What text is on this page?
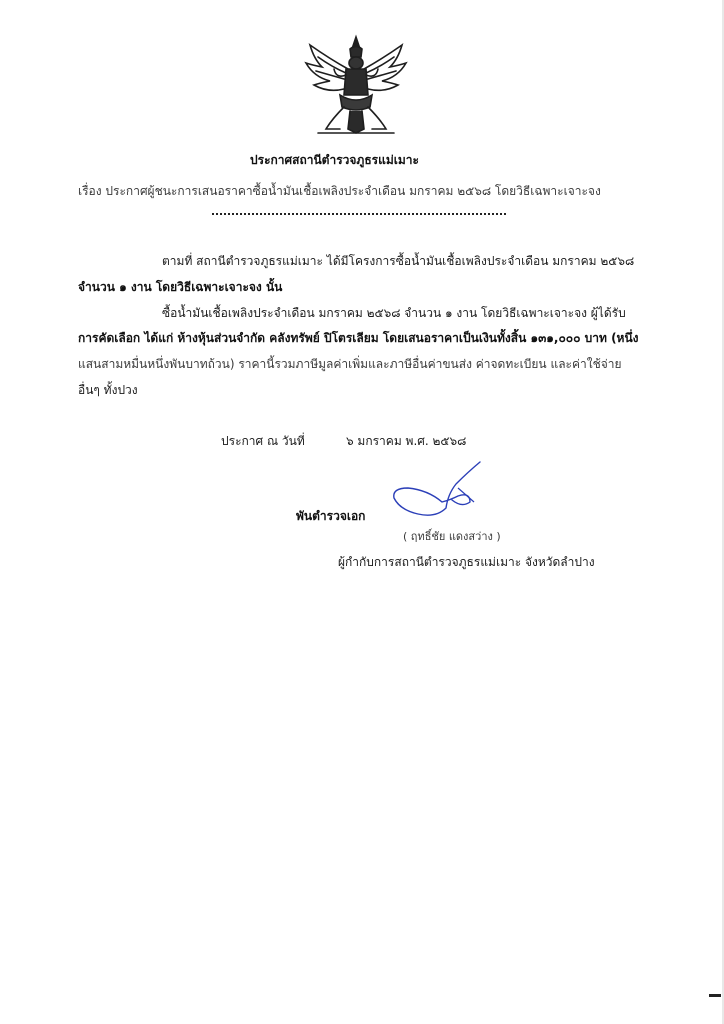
ประกาศสถานีตำรวจภูธรแม่เมาะ
เรื่อง ประกาศผู้ชนะการเสนอราคาซื้อน้ำมันเชื้อเพลิงประจำเดือน มกราคม ๒๕๖๘ โดยวิธีเฉพาะเจาะจง
ตามที่ สถานีตำรวจภูธรแม่เมาะ ได้มีโครงการซื้อน้ำมันเชื้อเพลิงประจำเดือน มกราคม ๒๕๖๘
จำนวน ๑ งาน โดยวิธีเฉพาะเจาะจง นั้น
ซื้อน้ำมันเชื้อเพลิงประจำเดือน มกราคม ๒๕๖๘ จำนวน ๑ งาน โดยวิธีเฉพาะเจาะจง ผู้ได้รับ
การคัดเลือก ได้แก่ ห้างหุ้นส่วนจำกัด คลังทรัพย์ ปิโตรเลียม โดยเสนอราคาเป็นเงินทั้งสิ้น ๑๓๑,๐๐๐ บาท (หนึ่ง
แสนสามหมื่นหนึ่งพันบาทถ้วน) ราคานี้รวมภาษีมูลค่าเพิ่มและภาษีอื่นค่าขนส่ง ค่าจดทะเบียน และค่าใช้จ่าย
อื่นๆ ทั้งปวง
ประกาศ ณ วันที่	๖ มกราคม พ.ศ. ๒๕๖๘
พันตำรวจเอก
( ฤทธิ์ชัย แดงสว่าง )
ผู้กำกับการสถานีตำรวจภูธรแม่เมาะ จังหวัดลำปาง
